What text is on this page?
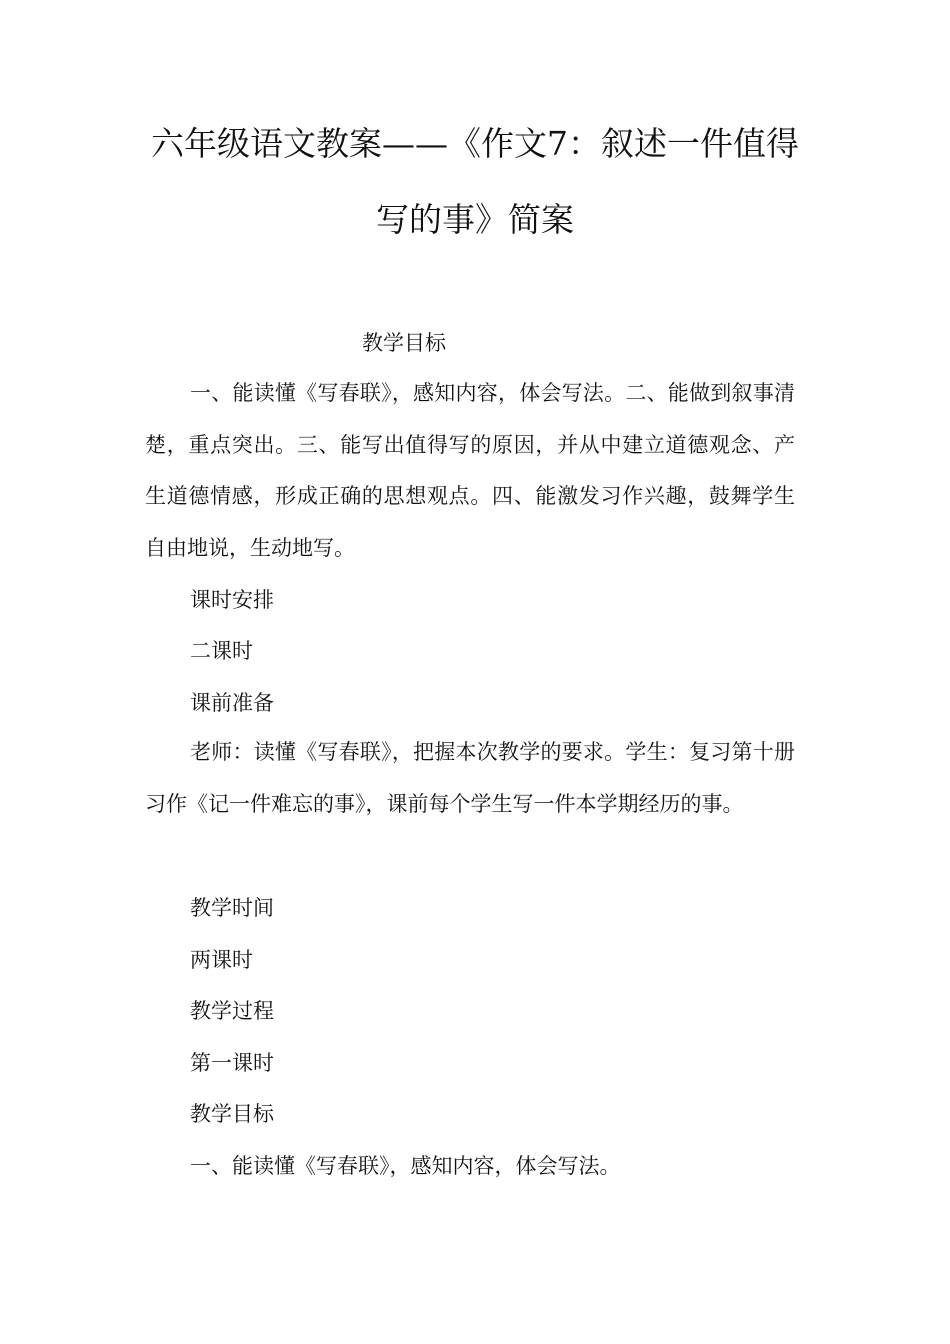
六年级语文教案——《作文7：叙述一件值得
写的事》简案
教学目标

一、能读懂《写春联》，感知内容，体会写法。二、能做到叙事清楚，重点突出。三、能写出值得写的原因，并从中建立道德观念、产生道德情感，形成正确的思想观点。四、能激发习作兴趣，鼓舞学生自由地说，生动地写。

课时安排
二课时
课前准备

老师：读懂《写春联》，把握本次教学的要求。学生：复习第十册习作《记一件难忘的事》，课前每个学生写一件本学期经历的事。

教学时间
两课时
教学过程
第一课时
教学目标
一、能读懂《写春联》，感知内容，体会写法。
